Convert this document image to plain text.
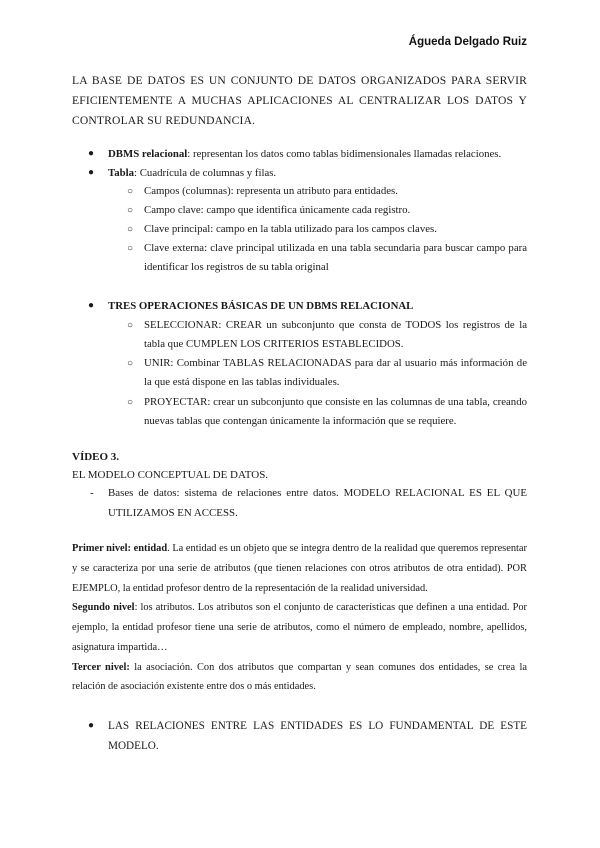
Águeda Delgado Ruiz

LA BASE DE DATOS ES UN CONJUNTO DE DATOS ORGANIZADOS PARA SERVIR EFICIENTEMENTE A MUCHAS APLICACIONES AL CENTRALIZAR LOS DATOS Y CONTROLAR SU REDUNDANCIA.

● DBMS relacional: representan los datos como tablas bidimensionales llamadas relaciones.
● Tabla: Cuadrícula de columnas y filas.
○ Campos (columnas): representa un atributo para entidades.
○ Campo clave: campo que identifica únicamente cada registro.
○ Clave principal: campo en la tabla utilizado para los campos claves.
○ Clave externa: clave principal utilizada en una tabla secundaria para buscar campo para identificar los registros de su tabla original
● TRES OPERACIONES BÁSICAS DE UN DBMS RELACIONAL
○ SELECCIONAR: CREAR un subconjunto que consta de TODOS los registros de la tabla que CUMPLEN LOS CRITERIOS ESTABLECIDOS.
○ UNIR: Combinar TABLAS RELACIONADAS para dar al usuario más información de la que está dispone en las tablas individuales.
○ PROYECTAR: crear un subconjunto que consiste en las columnas de una tabla, creando nuevas tablas que contengan únicamente la información que se requiere.
VÍDEO 3.
EL MODELO CONCEPTUAL DE DATOS.
- Bases de datos: sistema de relaciones entre datos. MODELO RELACIONAL ES EL QUE UTILIZAMOS EN ACCESS.

Primer nivel: entidad. La entidad es un objeto que se integra dentro de la realidad que queremos representar y se caracteriza por una serie de atributos (que tienen relaciones con otros atributos de otra entidad). POR EJEMPLO, la entidad profesor dentro de la representación de la realidad universidad.

Segundo nivel: los atributos. Los atributos son el conjunto de características que definen a una entidad. Por ejemplo, la entidad profesor tiene una serie de atributos, como el número de empleado, nombre, apellidos, asignatura impartida…

Tercer nivel: la asociación. Con dos atributos que compartan y sean comunes dos entidades, se crea la relación de asociación existente entre dos o más entidades.

● LAS RELACIONES ENTRE LAS ENTIDADES ES LO FUNDAMENTAL DE ESTE MODELO.
